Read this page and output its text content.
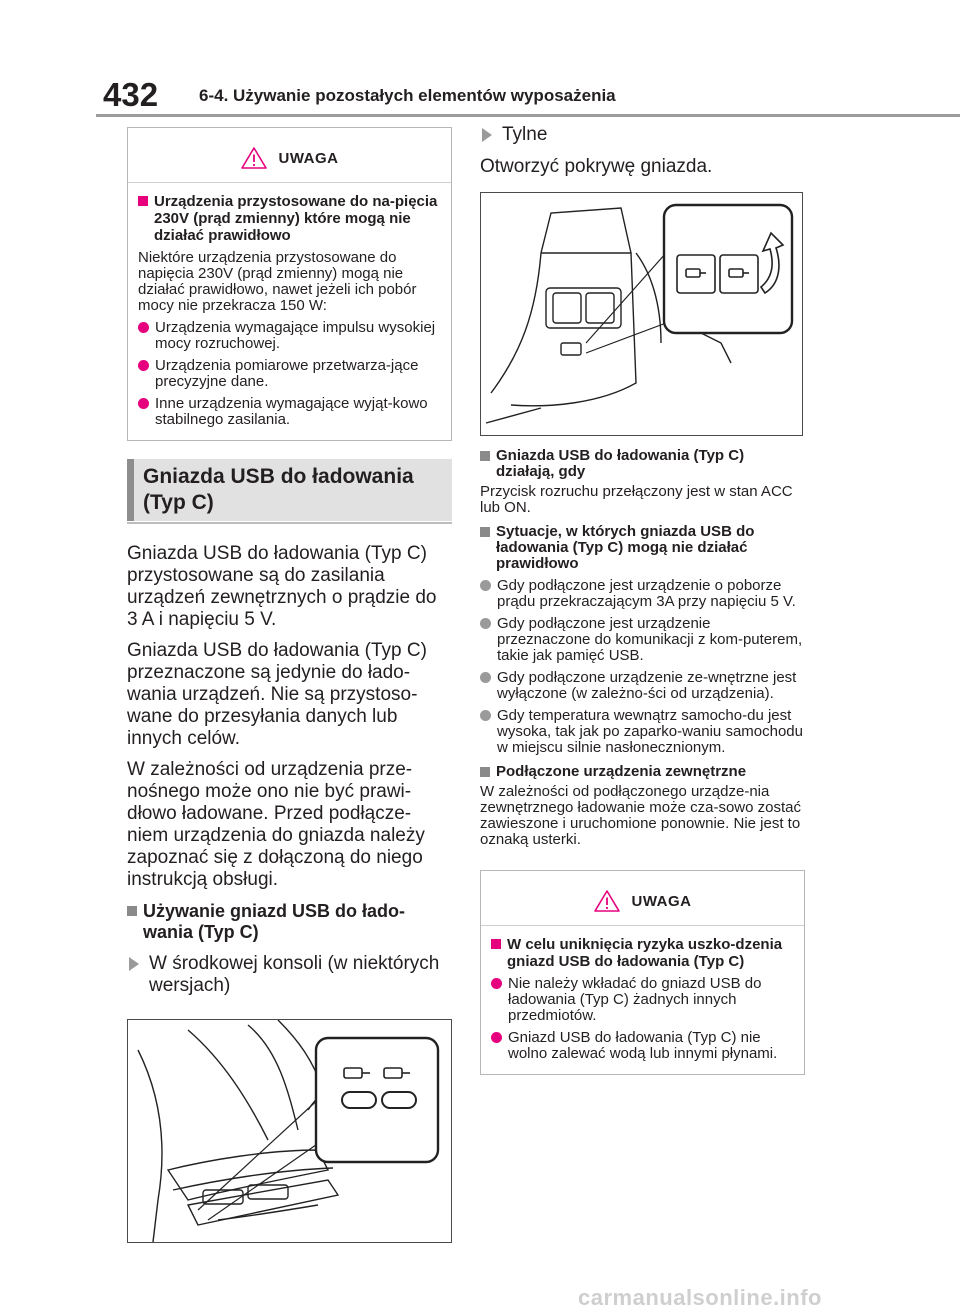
432 6-4. Używanie pozostałych elementów wyposażenia
UWAGA
Urządzenia przystosowane do na-pięcia 230V (prąd zmienny) które mogą nie działać prawidłowo
Niektóre urządzenia przystosowane do napięcia 230V (prąd zmienny) mogą nie działać prawidłowo, nawet jeżeli ich pobór mocy nie przekracza 150 W:
Urządzenia wymagające impulsu wysokiej mocy rozruchowej.
Urządzenia pomiarowe przetwarza-jące precyzyjne dane.
Inne urządzenia wymagające wyjąt-kowo stabilnego zasilania.
Gniazda USB do ładowania (Typ C)
Gniazda USB do ładowania (Typ C) przystosowane są do zasilania urządzeń zewnętrznych o prądzie do 3 A i napięciu 5 V.
Gniazda USB do ładowania (Typ C) przeznaczone są jedynie do łado-wania urządzeń. Nie są przystoso-wane do przesyłania danych lub innych celów.
W zależności od urządzenia prze-nośnego może ono nie być prawi-dłowo ładowane. Przed podłącze-niem urządzenia do gniazda należy zapoznać się z dołączoną do niego instrukcją obsługi.
Używanie gniazd USB do łado-wania (Typ C)
W środkowej konsoli (w niektórych wersjach)
Tylne
Otworzyć pokrywę gniazda.
Gniazda USB do ładowania (Typ C) działają, gdy
Przycisk rozruchu przełączony jest w stan ACC lub ON.
Sytuacje, w których gniazda USB do ładowania (Typ C) mogą nie działać prawidłowo
Gdy podłączone jest urządzenie o poborze prądu przekraczającym 3A przy napięciu 5 V.
Gdy podłączone jest urządzenie przeznaczone do komunikacji z kom-puterem, takie jak pamięć USB.
Gdy podłączone urządzenie ze-wnętrzne jest wyłączone (w zależno-ści od urządzenia).
Gdy temperatura wewnątrz samocho-du jest wysoka, tak jak po zaparko-waniu samochodu w miejscu silnie nasłonecznionym.
Podłączone urządzenia zewnętrzne
W zależności od podłączonego urządze-nia zewnętrznego ładowanie może cza-sowo zostać zawieszone i uruchomione ponownie. Nie jest to oznaką usterki.
UWAGA
W celu uniknięcia ryzyka uszko-dzenia gniazd USB do ładowania (Typ C)
Nie należy wkładać do gniazd USB do ładowania (Typ C) żadnych innych przedmiotów.
Gniazd USB do ładowania (Typ C) nie wolno zalewać wodą lub innymi płynami.
carmanualsonline.info
